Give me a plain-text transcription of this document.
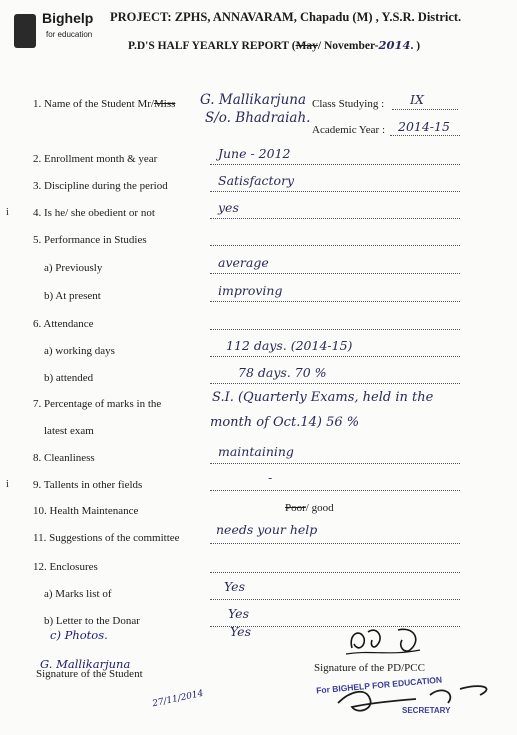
Bighelp
for education
PROJECT: ZPHS, ANNAVARAM, Chapadu (M) , Y.S.R. District.
P.D'S HALF YEARLY REPORT (May/ November-2014. )
1. Name of the Student Mr/Miss G. Mallikarjuna Class Studying : IX
S/o. Bhadraiah.
Academic Year : 2014-15
2. Enrollment month & year	June - 2012
3. Discipline during the period	Satisfactory
i 4. Is he/ she obedient or not	yes
5. Performance in Studies
a) Previously	average
b) At present	improving
6. Attendance
a) working days	112 days. (2014-15)
b) attended	78 days. 70 %
7. Percentage of marks in the
latest exam
S.I. (Quarterly Exams, held in the
month of Oct.14) 56 %
8. Cleanliness	maintaining
i 9. Tallents in other fields	-
10. Health Maintenance	Poor/ good
11. Suggestions of the committee
needs your help
12. Enclosures
a) Marks list of	Yes
b) Letter to the Donar	Yes
c) Photos.	Yes
G. Mallikarjuna
Signature of the Student
27/11/2014
Signature of the PD/PCC
For BIGHELP FOR EDUCATION
SECRETARY
